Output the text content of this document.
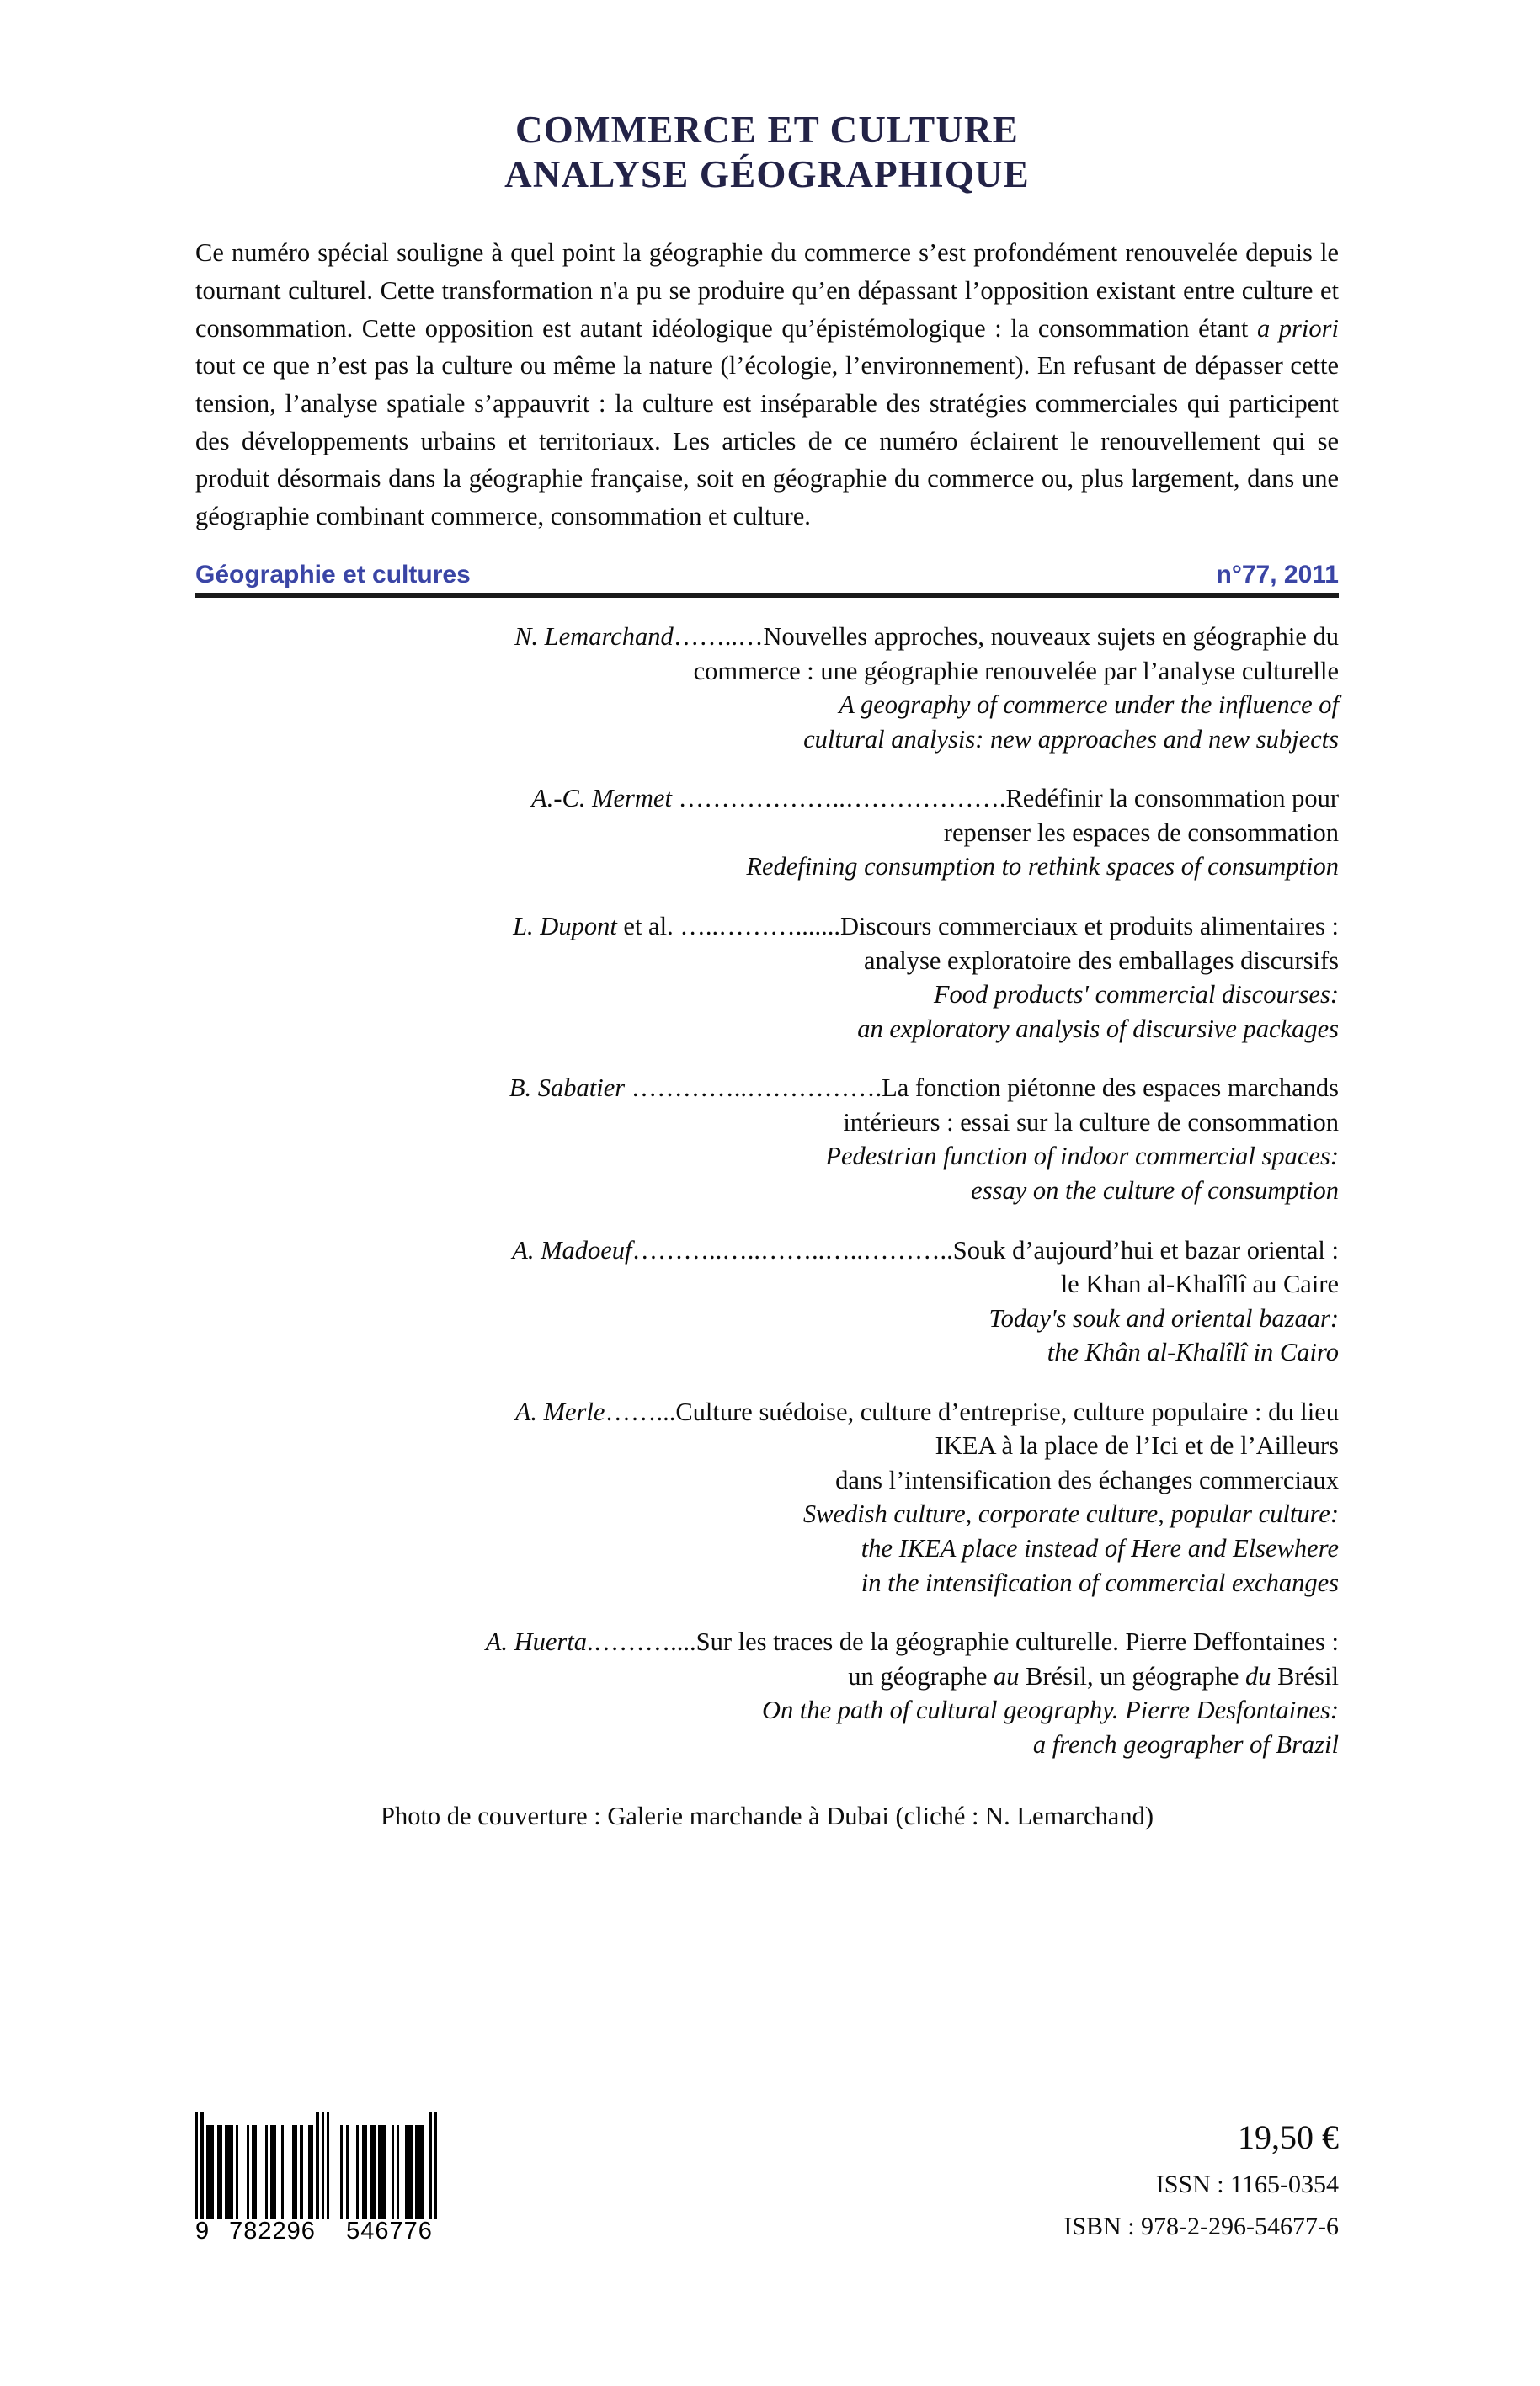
COMMERCE ET CULTURE
ANALYSE GÉOGRAPHIQUE

Ce numéro spécial souligne à quel point la géographie du commerce s’est profondément renouvelée depuis le tournant culturel. Cette transformation n'a pu se produire qu’en dépassant l’opposition existant entre culture et consommation. Cette opposition est autant idéologique qu’épistémologique : la consommation étant a priori tout ce que n’est pas la culture ou même la nature (l’écologie, l’environnement). En refusant de dépasser cette tension, l’analyse spatiale s’appauvrit : la culture est inséparable des stratégies commerciales qui participent des développements urbains et territoriaux. Les articles de ce numéro éclairent le renouvellement qui se produit désormais dans la géographie française, soit en géographie du commerce ou, plus largement, dans une géographie combinant commerce, consommation et culture.

Géographie et cultures	n°77, 2011
N. Lemarchand……..…Nouvelles approches, nouveaux sujets en géographie du
commerce : une géographie renouvelée par l’analyse culturelle
A geography of commerce under the influence of
cultural analysis: new approaches and new subjects
A.-C. Mermet ………………..……………….Redéfinir la consommation pour
repenser les espaces de consommation
Redefining consumption to rethink spaces of consumption
L. Dupont et al. …..……….......Discours commerciaux et produits alimentaires :
analyse exploratoire des emballages discursifs
Food products' commercial discourses:
an exploratory analysis of discursive packages
B. Sabatier …………..…………….La fonction piétonne des espaces marchands
intérieurs : essai sur la culture de consommation
Pedestrian function of indoor commercial spaces:
essay on the culture of consumption
A. Madoeuf………..…..……..…..………..Souk d’aujourd’hui et bazar oriental :
le Khan al-Khalîlî au Caire
Today's souk and oriental bazaar:
the Khân al-Khalîlî in Cairo
A. Merle……...Culture suédoise, culture d’entreprise, culture populaire : du lieu
IKEA à la place de l’Ici et de l’Ailleurs
dans l’intensification des échanges commerciaux
Swedish culture, corporate culture, popular culture:
the IKEA place instead of Here and Elsewhere
in the intensification of commercial exchanges
A. Huerta.………....Sur les traces de la géographie culturelle. Pierre Deffontaines :
un géographe au Brésil, un géographe du Brésil
On the path of cultural geography. Pierre Desfontaines:
a french geographer of Brazil
Photo de couverture : Galerie marchande à Dubai (cliché : N. Lemarchand)
9 782296	546776
19,50 €
ISSN : 1165-0354
ISBN : 978-2-296-54677-6
